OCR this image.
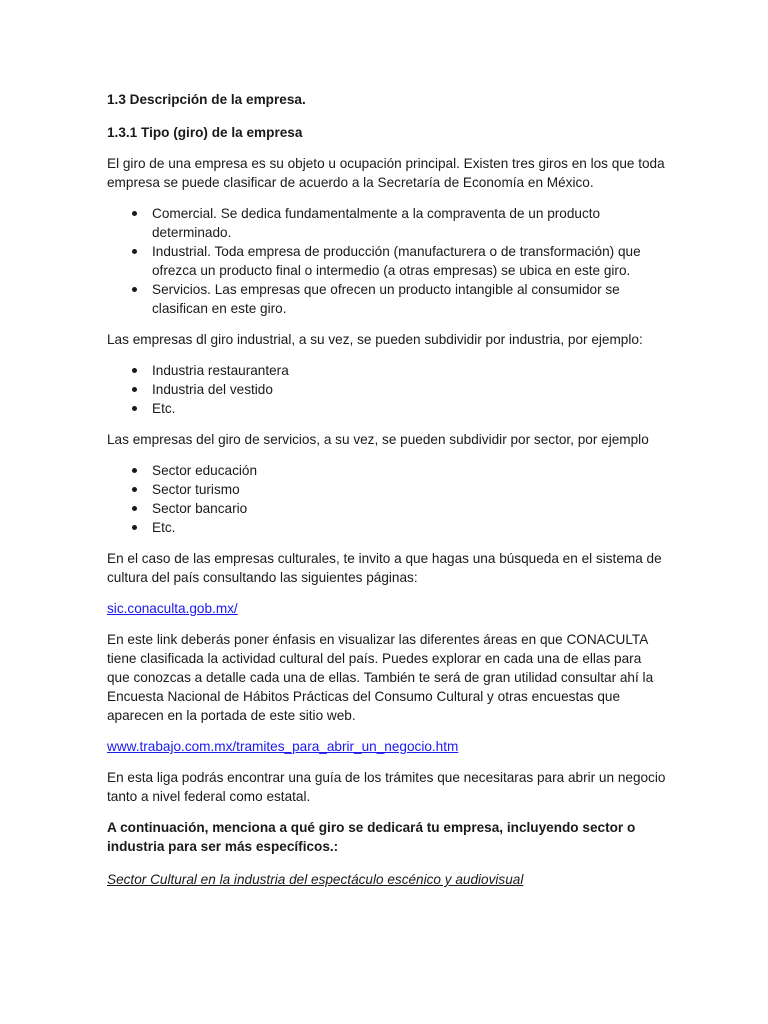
1.3 Descripción de la empresa.
1.3.1 Tipo (giro) de la empresa

El giro de una empresa es su objeto u ocupación principal. Existen tres giros en los que toda empresa se puede clasificar de acuerdo a la Secretaría de Economía en México.

Comercial. Se dedica fundamentalmente a la compraventa de un producto determinado.
Industrial. Toda empresa de producción (manufacturera o de transformación) que ofrezca un producto final o intermedio (a otras empresas) se ubica en este giro.
Servicios. Las empresas que ofrecen un producto intangible al consumidor se clasifican en este giro.

Las empresas dl giro industrial, a su vez, se pueden subdividir por industria, por ejemplo:

Industria restaurantera
Industria del vestido
Etc.

Las empresas del giro de servicios, a su vez, se pueden subdividir por sector, por ejemplo

Sector educación
Sector turismo
Sector bancario
Etc.

En el caso de las empresas culturales, te invito a que hagas una búsqueda en el sistema de cultura del país consultando las siguientes páginas:

sic.conaculta.gob.mx/

En este link deberás poner énfasis en visualizar las diferentes áreas en que CONACULTA tiene clasificada la actividad cultural del país. Puedes explorar en cada una de ellas para que conozcas a detalle cada una de ellas. También te será de gran utilidad consultar ahí la Encuesta Nacional de Hábitos Prácticas del Consumo Cultural y otras encuestas que aparecen en la portada de este sitio web.

www.trabajo.com.mx/tramites_para_abrir_un_negocio.htm

En esta liga podrás encontrar una guía de los trámites que necesitaras para abrir un negocio tanto a nivel federal como estatal.

A continuación, menciona a qué giro se dedicará tu empresa, incluyendo sector o industria para ser más específicos.:

Sector Cultural en la industria del espectáculo escénico y audiovisual
